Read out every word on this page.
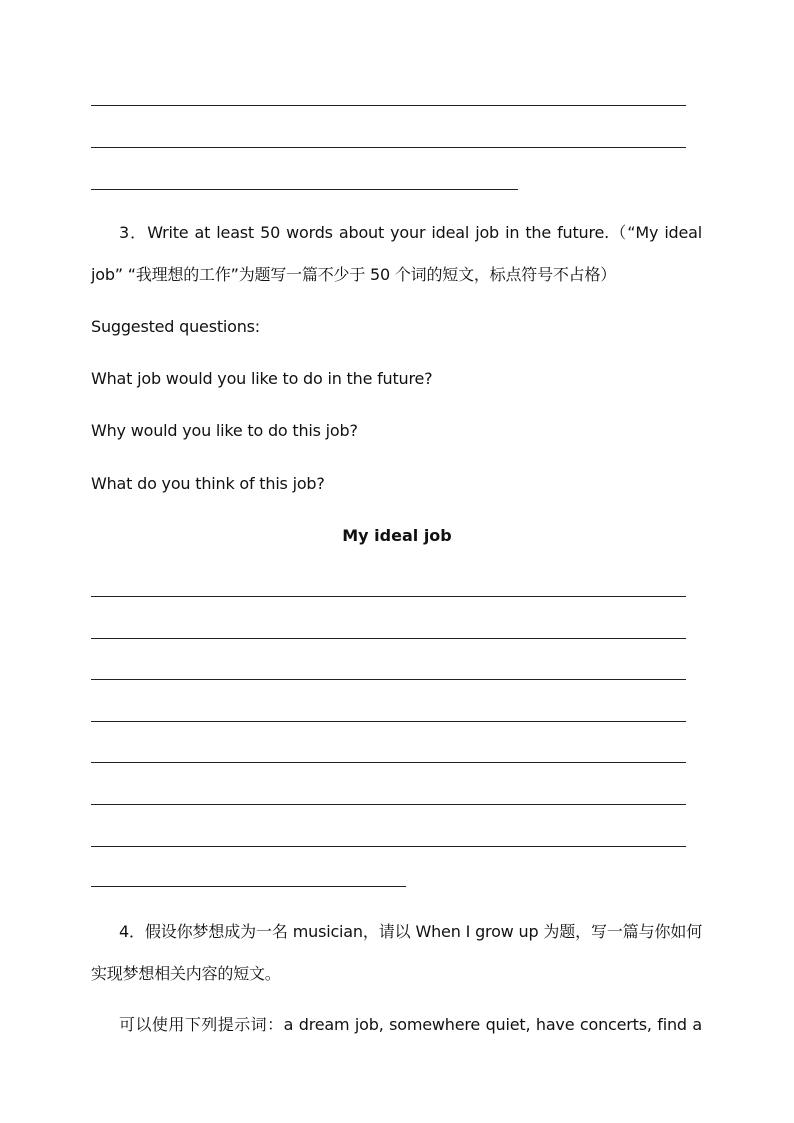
3．Write at least 50 words about your ideal job in the future.（“My ideal
job” “我理想的工作”为题写一篇不少于 50 个词的短文，标点符号不占格）
Suggested questions:
What job would you like to do in the future?
Why would you like to do this job?
What do you think of this job?
My ideal job
4．假设你梦想成为一名 musician，请以 When I grow up 为题，写一篇与你如何
实现梦想相关内容的短文。
可以使用下列提示词：a dream job, somewhere quiet, have concerts, find a
